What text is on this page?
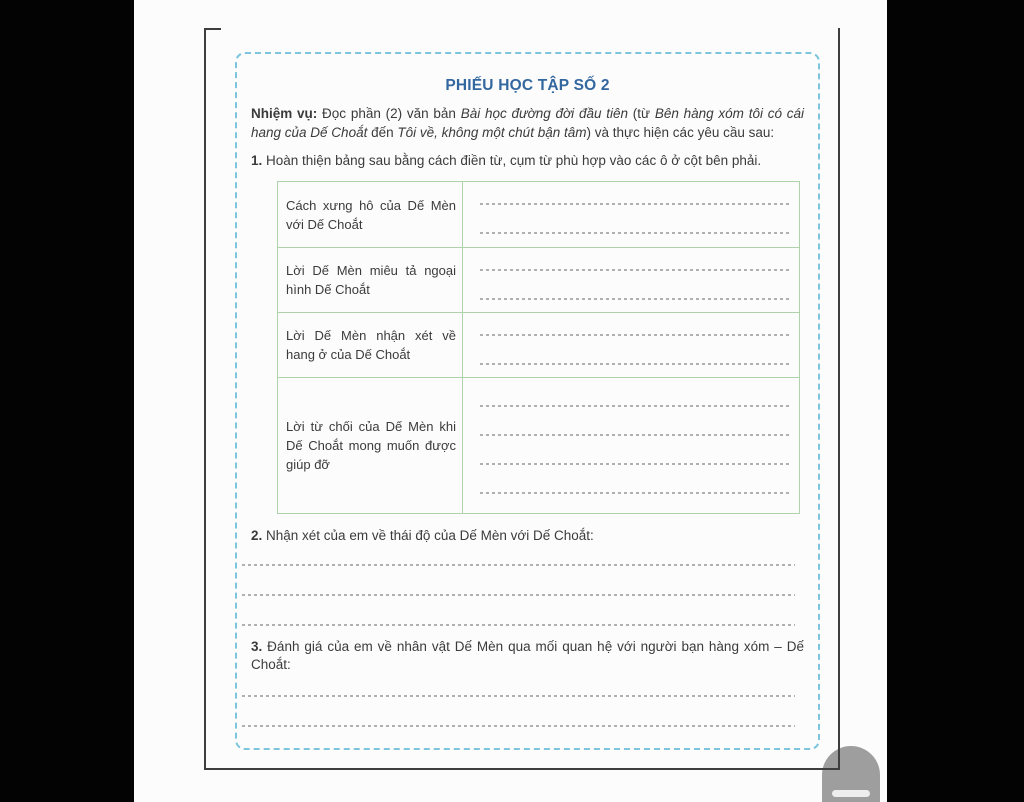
PHIẾU HỌC TẬP SỐ 2

Nhiệm vụ: Đọc phần (2) văn bản Bài học đường đời đầu tiên (từ Bên hàng xóm tôi có cái hang của Dế Choắt đến Tôi về, không một chút bận tâm) và thực hiện các yêu cầu sau:

1. Hoàn thiện bảng sau bằng cách điền từ, cụm từ phù hợp vào các ô ở cột bên phải.

Cách xưng hô của Dế Mèn với Dế Choắt
Lời Dế Mèn miêu tả ngoại hình Dế Choắt
Lời Dế Mèn nhận xét về hang ở của Dế Choắt
Lời từ chối của Dế Mèn khi Dế Choắt mong muốn được giúp đỡ

2. Nhận xét của em về thái độ của Dế Mèn với Dế Choắt:

3. Đánh giá của em về nhân vật Dế Mèn qua mối quan hệ với người bạn hàng xóm – Dế Choắt:
